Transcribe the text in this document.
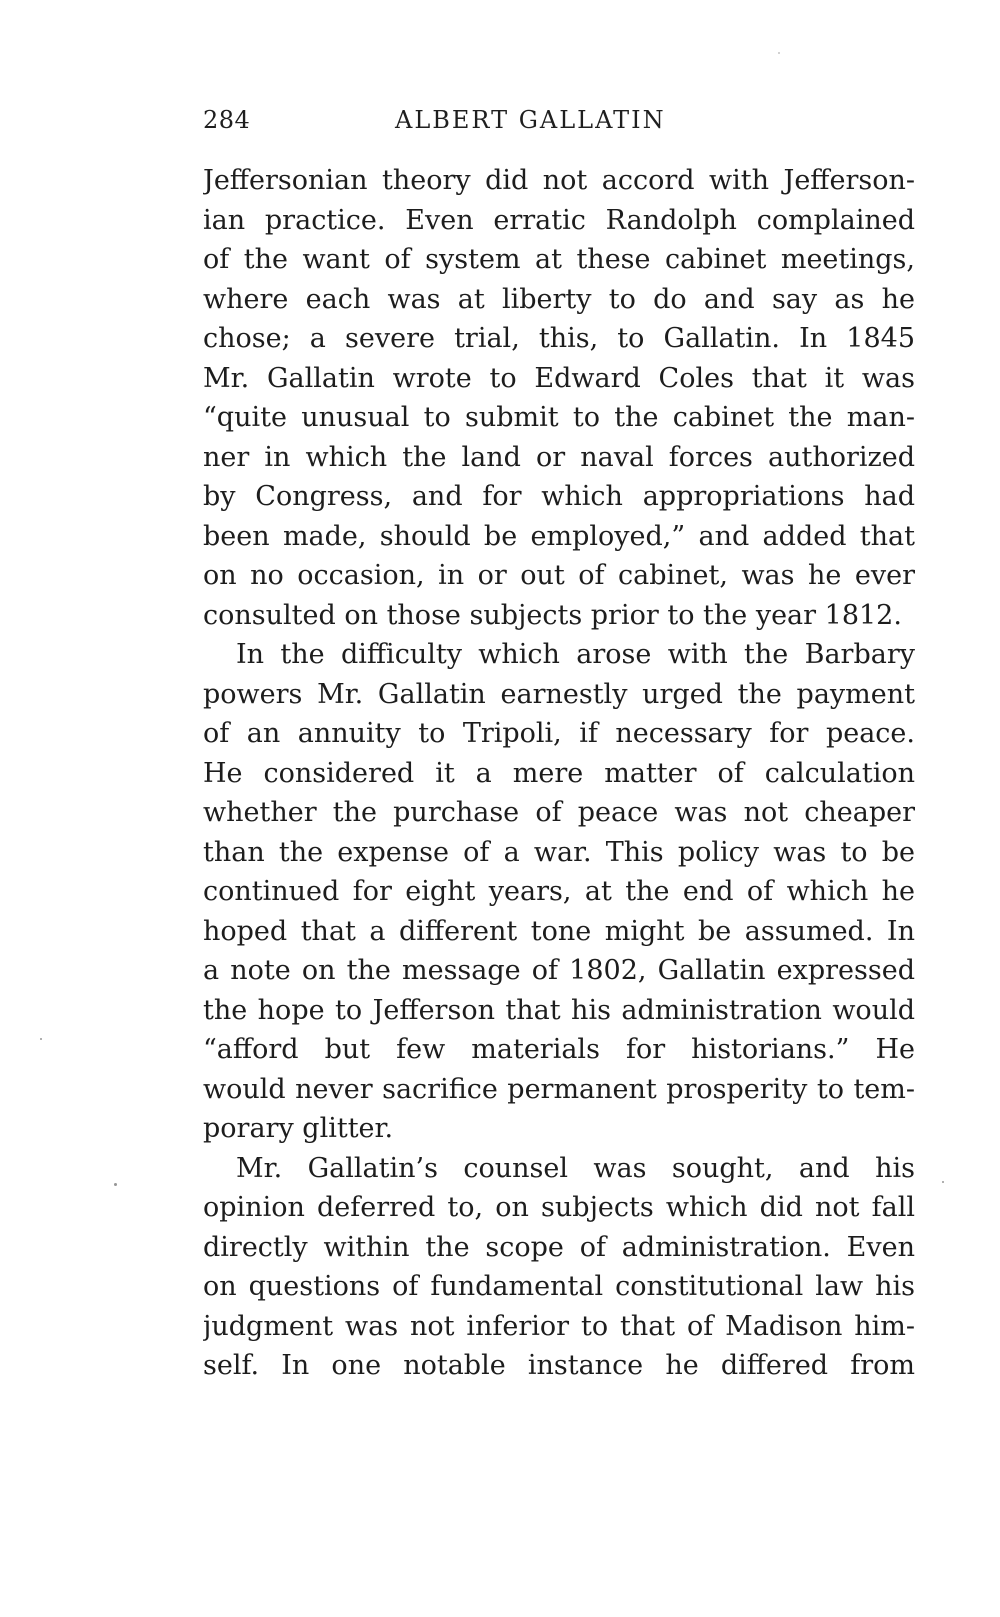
284	ALBERT GALLATIN
Jeffersonian theory did not accord with Jefferson-
ian practice. Even erratic Randolph complained
of the want of system at these cabinet meetings,
where each was at liberty to do and say as he
chose; a severe trial, this, to Gallatin. In 1845
Mr. Gallatin wrote to Edward Coles that it was
“quite unusual to submit to the cabinet the man-
ner in which the land or naval forces authorized
by Congress, and for which appropriations had
been made, should be employed,” and added that
on no occasion, in or out of cabinet, was he ever
consulted on those subjects prior to the year 1812.
In the difficulty which arose with the Barbary
powers Mr. Gallatin earnestly urged the payment
of an annuity to Tripoli, if necessary for peace.
He considered it a mere matter of calculation
whether the purchase of peace was not cheaper
than the expense of a war. This policy was to be
continued for eight years, at the end of which he
hoped that a different tone might be assumed. In
a note on the message of 1802, Gallatin expressed
the hope to Jefferson that his administration would
“afford but few materials for historians.” He
would never sacrifice permanent prosperity to tem-
porary glitter.
Mr. Gallatin’s counsel was sought, and his
opinion deferred to, on subjects which did not fall
directly within the scope of administration. Even
on questions of fundamental constitutional law his
judgment was not inferior to that of Madison him-
self. In one notable instance he differed from
